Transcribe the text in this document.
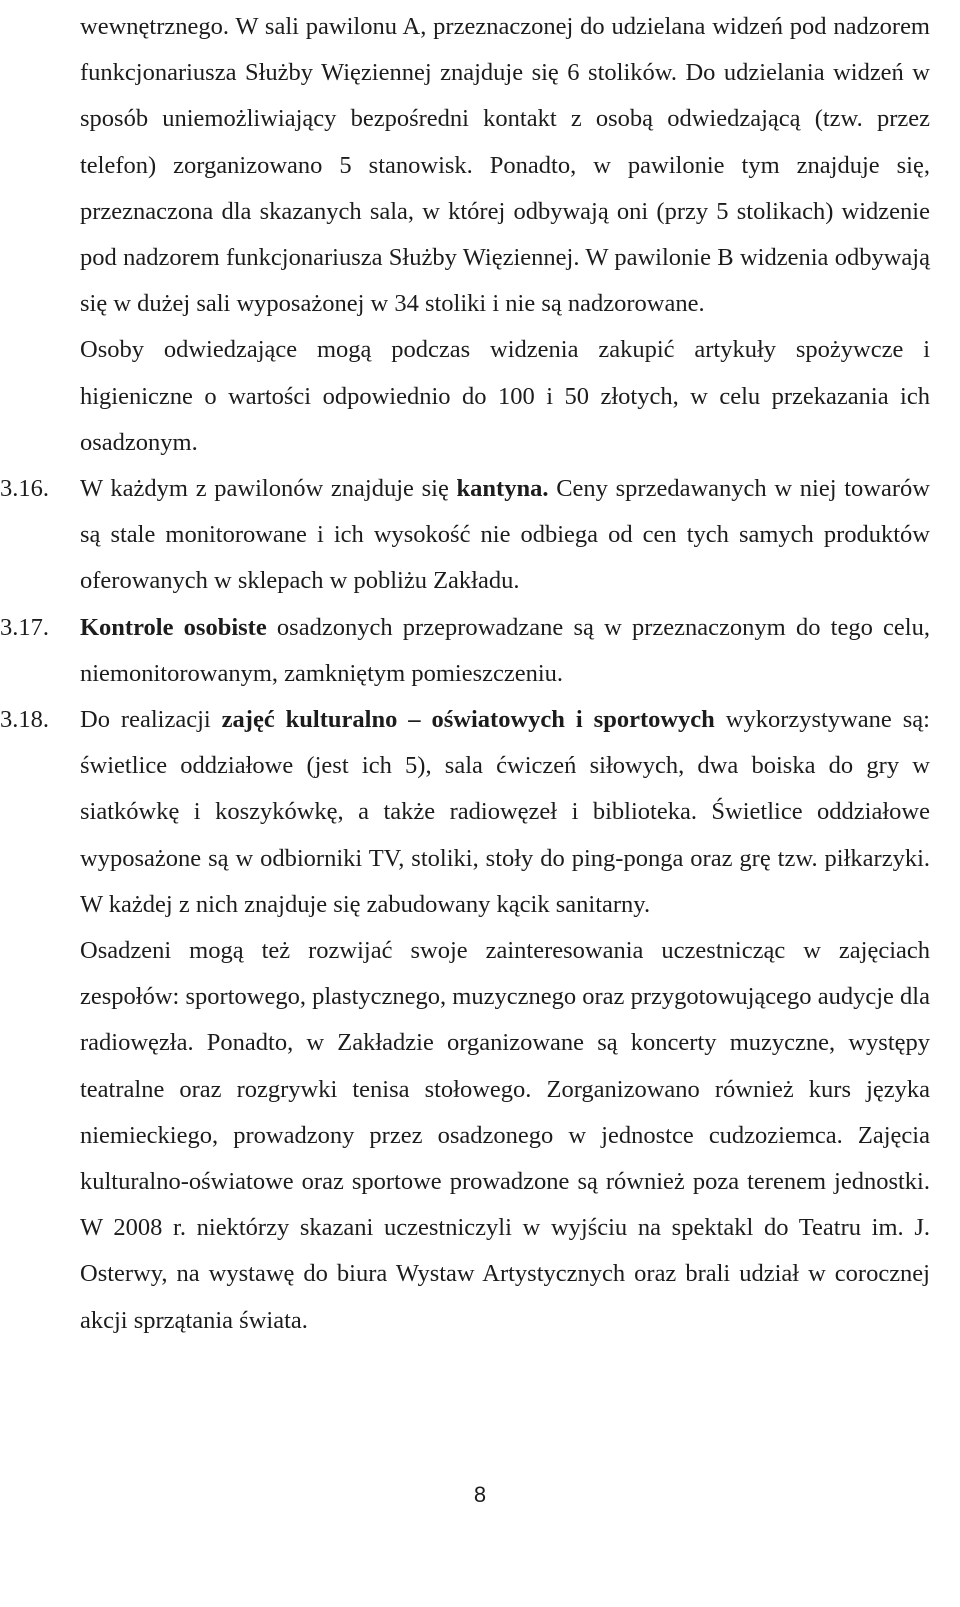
wewnętrznego. W sali pawilonu A, przeznaczonej do udzielana widzeń pod nadzorem funkcjonariusza Służby Więziennej znajduje się 6 stolików. Do udzielania widzeń w sposób uniemożliwiający bezpośredni kontakt z osobą odwiedzającą (tzw. przez telefon) zorganizowano 5 stanowisk. Ponadto, w pawilonie tym znajduje się, przeznaczona dla skazanych sala, w której odbywają oni (przy 5 stolikach) widzenie pod nadzorem funkcjonariusza Służby Więziennej. W pawilonie B widzenia odbywają się w dużej sali wyposażonej w 34 stoliki i nie są nadzorowane.

Osoby odwiedzające mogą podczas widzenia zakupić artykuły spożywcze i higieniczne o wartości odpowiednio do 100 i 50 złotych, w celu przekazania ich osadzonym.

3.16.	W każdym z pawilonów znajduje się kantyna. Ceny sprzedawanych w niej towarów są stale monitorowane i ich wysokość nie odbiega od cen tych samych produktów oferowanych w sklepach w pobliżu Zakładu.

3.17.	Kontrole osobiste osadzonych przeprowadzane są w przeznaczonym do tego celu, niemonitorowanym, zamkniętym pomieszczeniu.

3.18.	Do realizacji zajęć kulturalno – oświatowych i sportowych wykorzystywane są: świetlice oddziałowe (jest ich 5), sala ćwiczeń siłowych, dwa boiska do gry w siatkówkę i koszykówkę, a także radiowęzeł i biblioteka. Świetlice oddziałowe wyposażone są w odbiorniki TV, stoliki, stoły do ping-ponga oraz grę tzw. piłkarzyki. W każdej z nich znajduje się zabudowany kącik sanitarny.

Osadzeni mogą też rozwijać swoje zainteresowania uczestnicząc w zajęciach zespołów: sportowego, plastycznego, muzycznego oraz przygotowującego audycje dla radiowęzła. Ponadto, w Zakładzie organizowane są koncerty muzyczne, występy teatralne oraz rozgrywki tenisa stołowego. Zorganizowano również kurs języka niemieckiego, prowadzony przez osadzonego w jednostce cudzoziemca. Zajęcia kulturalno-oświatowe oraz sportowe prowadzone są również poza terenem jednostki. W 2008 r. niektórzy skazani uczestniczyli w wyjściu na spektakl do Teatru im. J. Osterwy, na wystawę do biura Wystaw Artystycznych oraz brali udział w corocznej akcji sprzątania świata.

8
